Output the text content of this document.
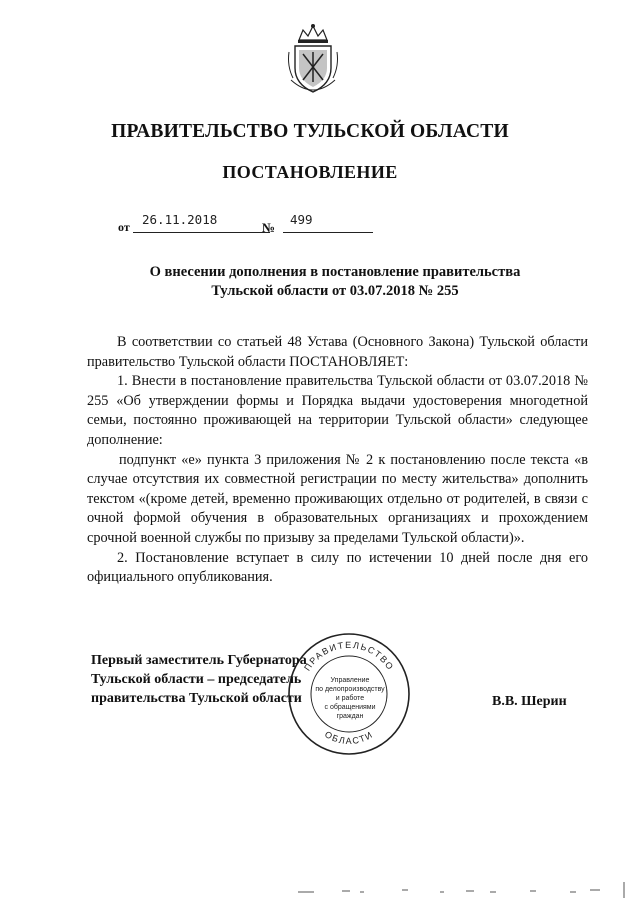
ПРАВИТЕЛЬСТВО ТУЛЬСКОЙ ОБЛАСТИ
ПОСТАНОВЛЕНИЕ
от 26.11.2018
№
499
О внесении дополнения в постановление правительства
Тульской области от 03.07.2018 № 255

В соответствии со статьей 48 Устава (Основного Закона) Тульской области правительство Тульской области ПОСТАНОВЛЯЕТ:

1. Внести в постановление правительства Тульской области от 03.07.2018 № 255 «Об утверждении формы и Порядка выдачи удостоверения многодетной семьи, постоянно проживающей на территории Тульской области» следующее дополнение:

подпункт «е» пункта 3 приложения № 2 к постановлению после текста «в случае отсутствия их совместной регистрации по месту жительства» дополнить текстом «(кроме детей, временно проживающих отдельно от родителей, в связи с очной формой обучения в образовательных организациях и прохождением срочной военной службы по призыву за пределами Тульской области)».

2. Постановление вступает в силу по истечении 10 дней после дня его официального опубликования.

ПРАВИТЕЛЬСТВО
ОБЛАСТИ
Управление
по делопроизводству
и работе
с обращениями
граждан
Первый заместитель Губернатора
Тульской области – председатель
правительства Тульской области	В.В. Шерин
